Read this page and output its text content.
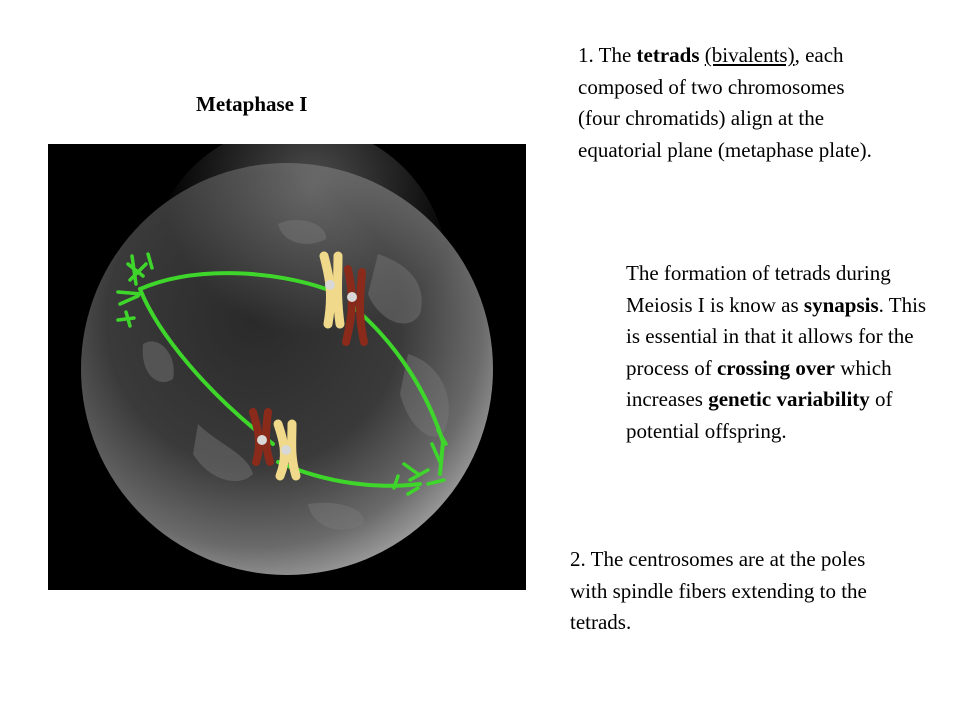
Metaphase I
1. The tetrads (bivalents), each composed of two chromosomes (four chromatids) align at the equatorial plane (metaphase plate).
The formation of tetrads during Meiosis I is know as synapsis. This is essential in that it allows for the process of crossing over which increases genetic variability of potential offspring.
2. The centrosomes are at the poles with spindle fibers extending to the tetrads.
